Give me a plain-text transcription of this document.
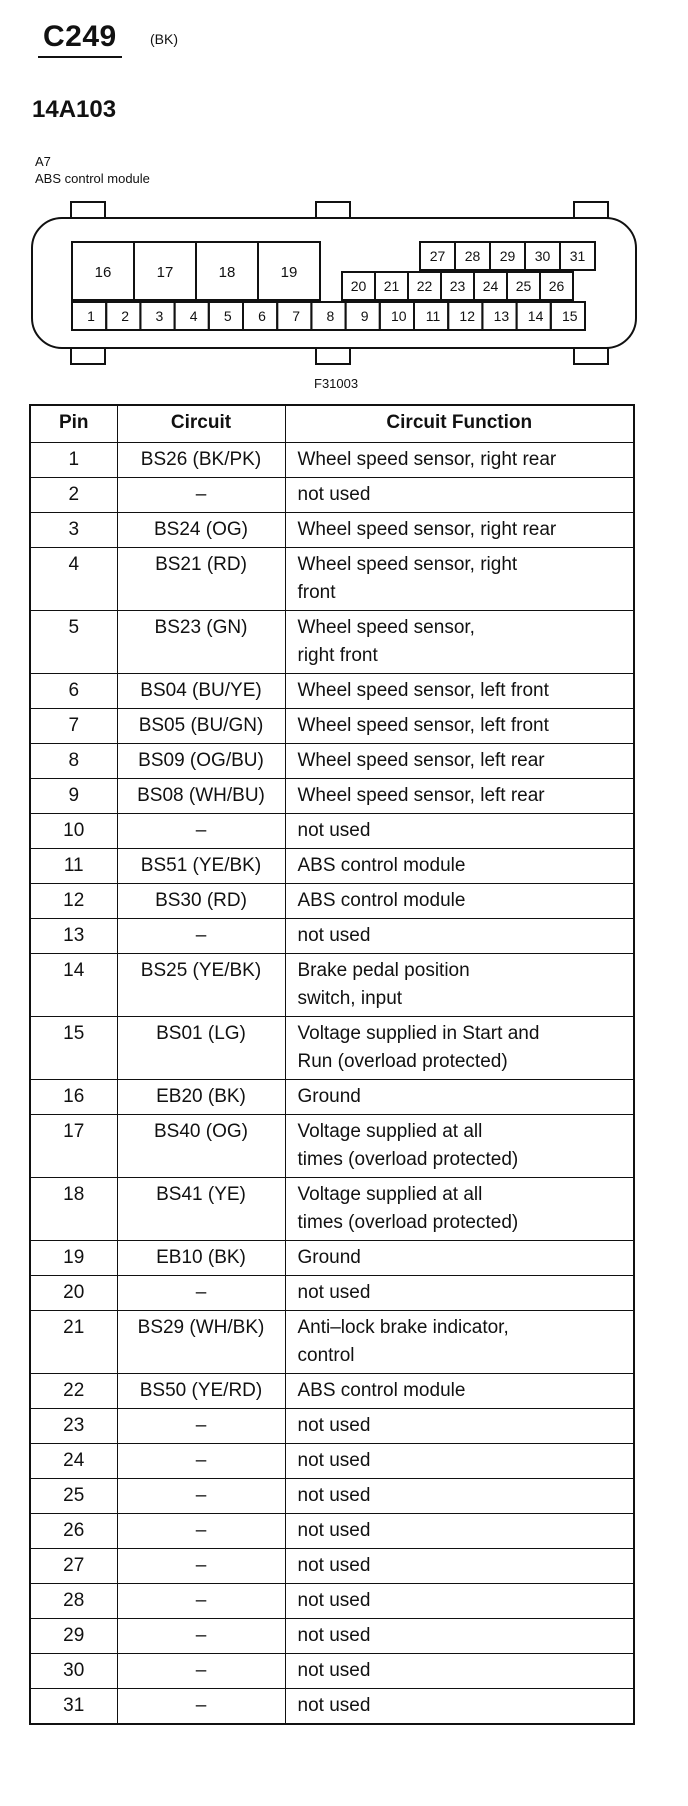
C249 (BK)
14A103
A7
ABS control module
16	17	18	19
27 28 29 30 31
20 21 22 23 24 25 26
1 2 3 4 5 6 7 8 9 10 11 12 13 14 15
F31003
Pin	Circuit	Circuit Function
1	BS26 (BK/PK)	Wheel speed sensor, right rear

2	–	not used

3	BS24 (OG)	Wheel speed sensor, right rear

4	BS21 (RD)	Wheel speed sensor, right
front

5	BS23 (GN)	Wheel speed sensor,
right front

6	BS04 (BU/YE)	Wheel speed sensor, left front

7	BS05 (BU/GN)	Wheel speed sensor, left front

8	BS09 (OG/BU)	Wheel speed sensor, left rear

9	BS08 (WH/BU)	Wheel speed sensor, left rear

10	–	not used

11	BS51 (YE/BK)	ABS control module

12	BS30 (RD)	ABS control module

13	–	not used

14	BS25 (YE/BK)	Brake pedal position
switch, input

15	BS01 (LG)	Voltage supplied in Start and
Run (overload protected)

16	EB20 (BK)	Ground

17	BS40 (OG)	Voltage supplied at all
times (overload protected)

18	BS41 (YE)	Voltage supplied at all
times (overload protected)

19	EB10 (BK)	Ground

20	–	not used

21	BS29 (WH/BK)	Anti–lock brake indicator,
control

22	BS50 (YE/RD)	ABS control module

23	–	not used

24	–	not used

25	–	not used

26	–	not used

27	–	not used

28	–	not used

29	–	not used

30	–	not used

31	–	not used
